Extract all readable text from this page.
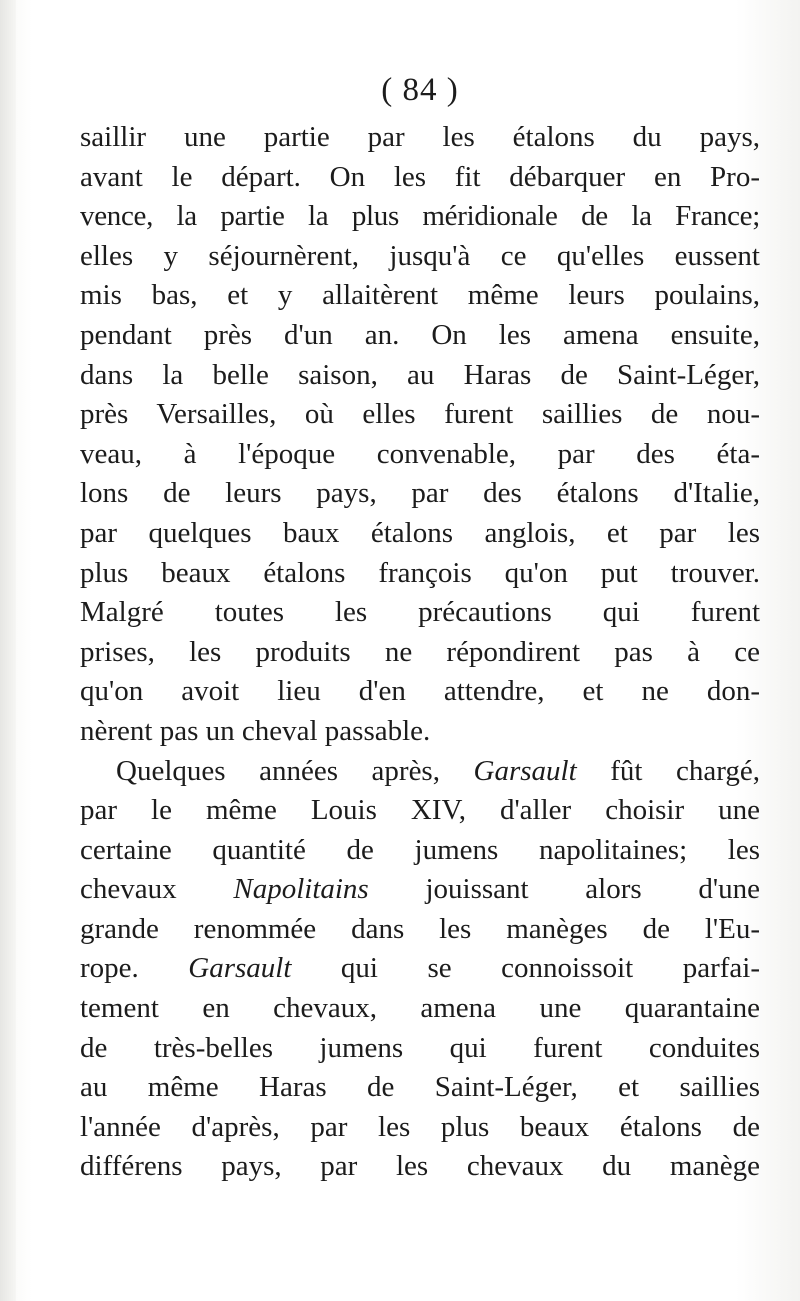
( 84 )
saillir une partie par les étalons du pays,
avant le départ. On les fit débarquer en Pro-
vence, la partie la plus méridionale de la France;
elles y séjournèrent, jusqu'à ce qu'elles eussent
mis bas, et y allaitèrent même leurs poulains,
pendant près d'un an. On les amena ensuite,
dans la belle saison, au Haras de Saint-Léger,
près Versailles, où elles furent saillies de nou-
veau, à l'époque convenable, par des éta-
lons de leurs pays, par des étalons d'Italie,
par quelques baux étalons anglois, et par les
plus beaux étalons françois qu'on put trouver.
Malgré toutes les précautions qui furent
prises, les produits ne répondirent pas à ce
qu'on avoit lieu d'en attendre, et ne don-
nèrent pas un cheval passable.
Quelques années après, Garsault fût chargé,
par le même Louis XIV, d'aller choisir une
certaine quantité de jumens napolitaines; les
chevaux Napolitains jouissant alors d'une
grande renommée dans les manèges de l'Eu-
rope. Garsault qui se connoissoit parfai-
tement en chevaux, amena une quarantaine
de très-belles jumens qui furent conduites
au même Haras de Saint-Léger, et saillies
l'année d'après, par les plus beaux étalons de
différens pays, par les chevaux du manège
